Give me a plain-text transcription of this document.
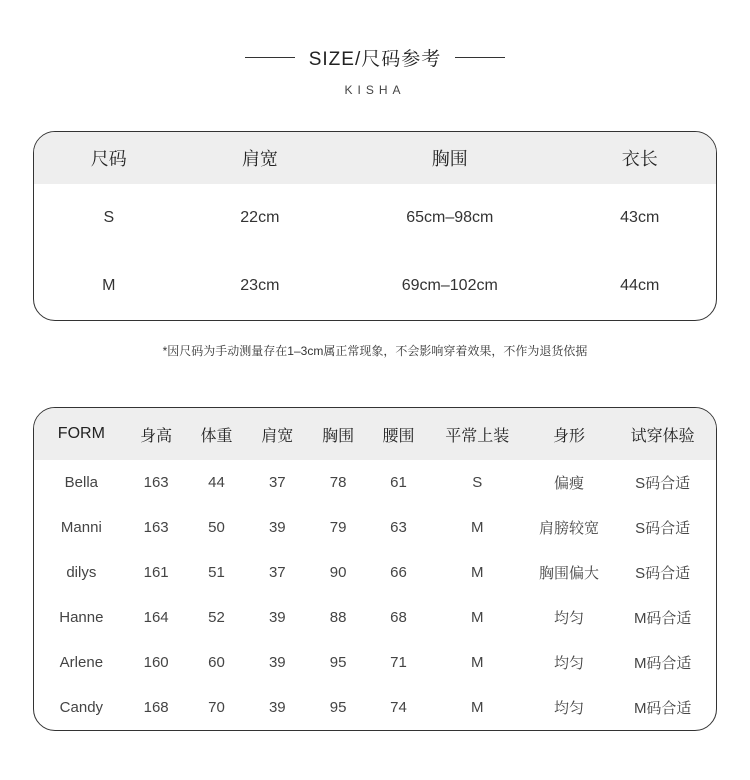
SIZE/尺码参考
KISHA
尺码	肩宽	胸围	衣长
S	22cm	65cm–98cm	43cm
M	23cm	69cm–102cm	44cm
*因尺码为手动测量存在1–3cm属正常现象，不会影响穿着效果，不作为退货依据
FORM	身高	体重	肩宽	胸围	腰围	平常上装	身形	试穿体验
Bella	163	44	37	78	61	S	偏瘦	S码合适
Manni	163	50	39	79	63	M	肩膀较宽	S码合适
dilys	161	51	37	90	66	M	胸围偏大	S码合适
Hanne	164	52	39	88	68	M	均匀	M码合适
Arlene	160	60	39	95	71	M	均匀	M码合适
Candy	168	70	39	95	74	M	均匀	M码合适
